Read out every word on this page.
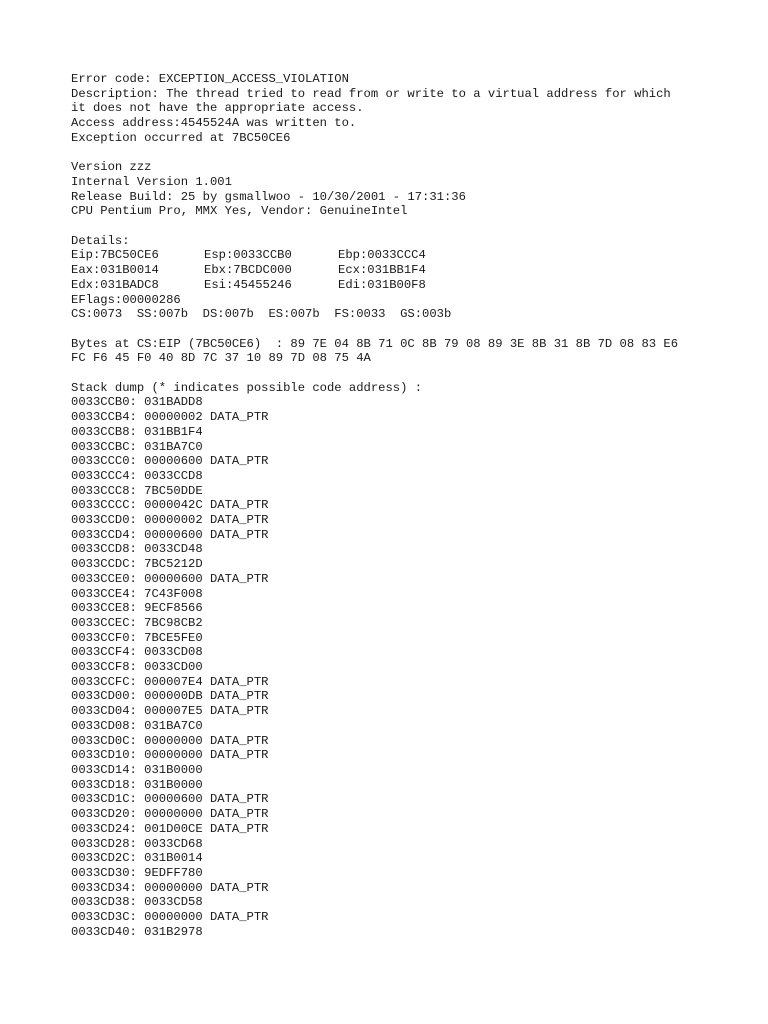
Error code: EXCEPTION_ACCESS_VIOLATION
Description: The thread tried to read from or write to a virtual address for which
it does not have the appropriate access.
Access address:4545524A was written to.
Exception occurred at 7BC50CE6
Version zzz
Internal Version 1.001
Release Build: 25 by gsmallwoo - 10/30/2001 - 17:31:36
CPU Pentium Pro, MMX Yes, Vendor: GenuineIntel
Details:
Eip:7BC50CE6	Esp:0033CCB0	Ebp:0033CCC4
Eax:031B0014	Ebx:7BCDC000	Ecx:031BB1F4
Edx:031BADC8	Esi:45455246	Edi:031B00F8
EFlags:00000286
CS:0073  SS:007b  DS:007b  ES:007b  FS:0033  GS:003b
Bytes at CS:EIP (7BC50CE6)  : 89 7E 04 8B 71 0C 8B 79 08 89 3E 8B 31 8B 7D 08 83 E6
FC F6 45 F0 40 8D 7C 37 10 89 7D 08 75 4A
Stack dump (* indicates possible code address) :
0033CCB0: 031BADD8
0033CCB4: 00000002 DATA_PTR
0033CCB8: 031BB1F4
0033CCBC: 031BA7C0
0033CCC0: 00000600 DATA_PTR
0033CCC4: 0033CCD8
0033CCC8: 7BC50DDE
0033CCCC: 0000042C DATA_PTR
0033CCD0: 00000002 DATA_PTR
0033CCD4: 00000600 DATA_PTR
0033CCD8: 0033CD48
0033CCDC: 7BC5212D
0033CCE0: 00000600 DATA_PTR
0033CCE4: 7C43F008
0033CCE8: 9ECF8566
0033CCEC: 7BC98CB2
0033CCF0: 7BCE5FE0
0033CCF4: 0033CD08
0033CCF8: 0033CD00
0033CCFC: 000007E4 DATA_PTR
0033CD00: 000000DB DATA_PTR
0033CD04: 000007E5 DATA_PTR
0033CD08: 031BA7C0
0033CD0C: 00000000 DATA_PTR
0033CD10: 00000000 DATA_PTR
0033CD14: 031B0000
0033CD18: 031B0000
0033CD1C: 00000600 DATA_PTR
0033CD20: 00000000 DATA_PTR
0033CD24: 001D00CE DATA_PTR
0033CD28: 0033CD68
0033CD2C: 031B0014
0033CD30: 9EDFF780
0033CD34: 00000000 DATA_PTR
0033CD38: 0033CD58
0033CD3C: 00000000 DATA_PTR
0033CD40: 031B2978
